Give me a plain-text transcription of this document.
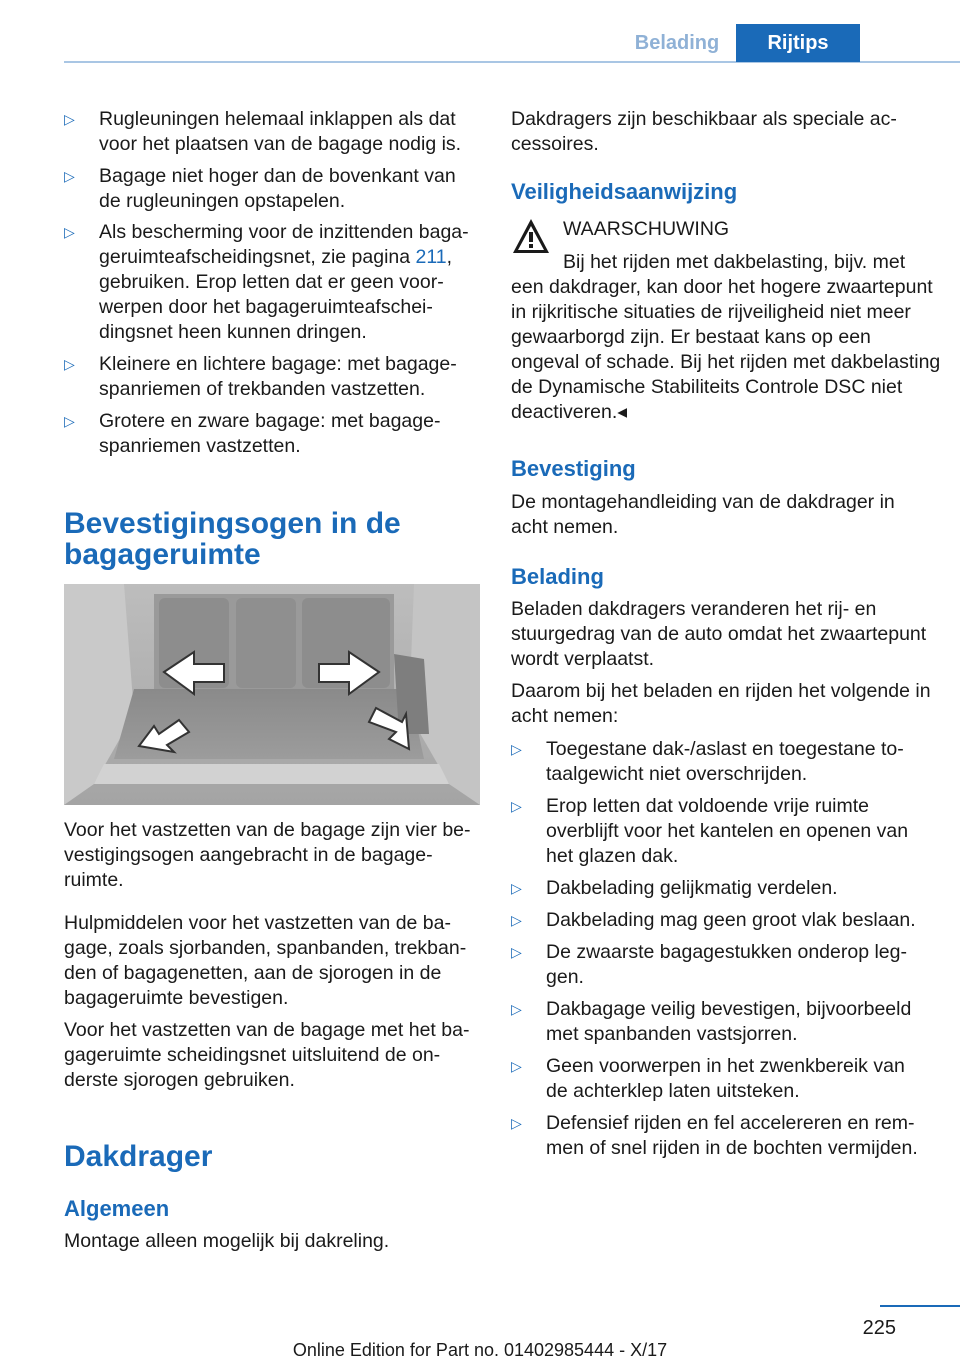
Belading	Rijtips
▷ Rugleuningen helemaal inklappen als dat voor het plaatsen van de bagage nodig is.
▷ Bagage niet hoger dan de bovenkant van de rugleuningen opstapelen.
▷ Als bescherming voor de inzittenden bagageruimteafscheidingsnet, zie pagina 211, gebruiken. Erop letten dat er geen voorwerpen door het bagageruimteafscheidingsnet heen kunnen dringen.
▷ Kleinere en lichtere bagage: met bagagespanriemen of trekbanden vastzetten.
▷ Grotere en zware bagage: met bagagespanriemen vastzetten.
Bevestigingsogen in de bagageruimte
Voor het vastzetten van de bagage zijn vier bevestigingsogen aangebracht in de bagageruimte.
Hulpmiddelen voor het vastzetten van de bagage, zoals sjorbanden, spanbanden, trekbanden of bagagenetten, aan de sjorogen in de bagageruimte bevestigen.
Voor het vastzetten van de bagage met het bagageruimte scheidingsnet uitsluitend de onderste sjorogen gebruiken.
Dakdrager
Algemeen
Montage alleen mogelijk bij dakreling.
Dakdragers zijn beschikbaar als speciale accessoires.
Veiligheidsaanwijzing
WAARSCHUWING
Bij het rijden met dakbelasting, bijv. met
een dakdrager, kan door het hogere zwaartepunt in rijkritische situaties de rijveiligheid niet meer gewaarborgd zijn. Er bestaat kans op een ongeval of schade. Bij het rijden met dakbelasting de Dynamische Stabiliteits Controle DSC niet deactiveren.◂
Bevestiging
De montagehandleiding van de dakdrager in acht nemen.
Belading
Beladen dakdragers veranderen het rij- en stuurgedrag van de auto omdat het zwaartepunt wordt verplaatst.
Daarom bij het beladen en rijden het volgende in acht nemen:
▷ Toegestane dak-/aslast en toegestane totaalgewicht niet overschrijden.
▷ Erop letten dat voldoende vrije ruimte overblijft voor het kantelen en openen van het glazen dak.
▷ Dakbelading gelijkmatig verdelen.
▷ Dakbelading mag geen groot vlak beslaan.
▷ De zwaarste bagagestukken onderop leggen.
▷ Dakbagage veilig bevestigen, bijvoorbeeld met spanbanden vastsjorren.
▷ Geen voorwerpen in het zwenkbereik van de achterklep laten uitsteken.
▷ Defensief rijden en fel accelereren en remmen of snel rijden in de bochten vermijden.
225
Online Edition for Part no. 01402985444 - X/17
